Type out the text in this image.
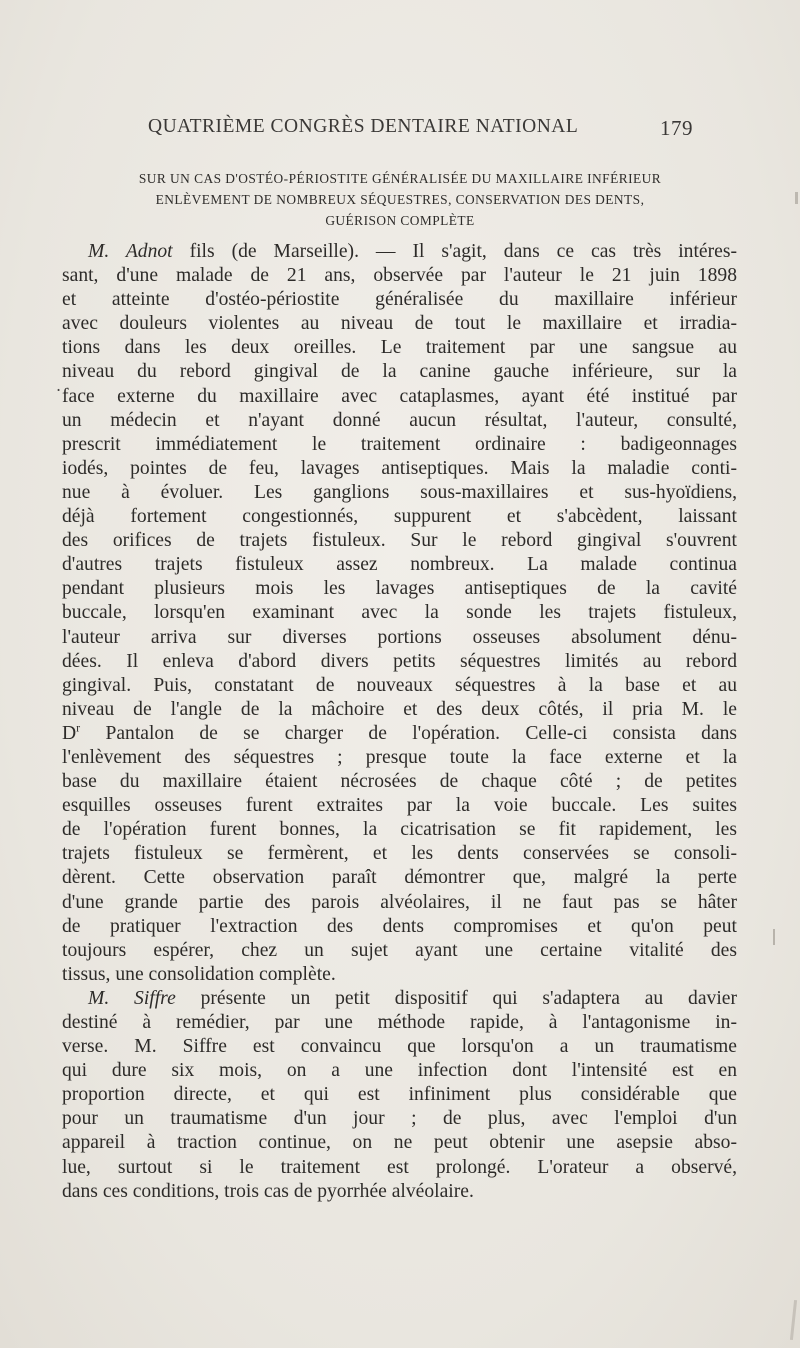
QUATRIÈME CONGRÈS DENTAIRE NATIONAL	179
SUR UN CAS D'OSTÉO-PÉRIOSTITE GÉNÉRALISÉE DU MAXILLAIRE INFÉRIEUR
ENLÈVEMENT DE NOMBREUX SÉQUESTRES, CONSERVATION DES DENTS,
GUÉRISON COMPLÈTE
.
M. Adnot fils (de Marseille). — Il s'agit, dans ce cas très intéres-
sant, d'une malade de 21 ans, observée par l'auteur le 21 juin 1898
et atteinte d'ostéo-périostite généralisée du maxillaire inférieur
avec douleurs violentes au niveau de tout le maxillaire et irradia-
tions dans les deux oreilles. Le traitement par une sangsue au
niveau du rebord gingival de la canine gauche inférieure, sur la
face externe du maxillaire avec cataplasmes, ayant été institué par
un médecin et n'ayant donné aucun résultat, l'auteur, consulté,
prescrit immédiatement le traitement ordinaire : badigeonnages
iodés, pointes de feu, lavages antiseptiques. Mais la maladie conti-
nue à évoluer. Les ganglions sous-maxillaires et sus-hyoïdiens,
déjà fortement congestionnés, suppurent et s'abcèdent, laissant
des orifices de trajets fistuleux. Sur le rebord gingival s'ouvrent
d'autres trajets fistuleux assez nombreux. La malade continua
pendant plusieurs mois les lavages antiseptiques de la cavité
buccale, lorsqu'en examinant avec la sonde les trajets fistuleux,
l'auteur arriva sur diverses portions osseuses absolument dénu-
dées. Il enleva d'abord divers petits séquestres limités au rebord
gingival. Puis, constatant de nouveaux séquestres à la base et au
niveau de l'angle de la mâchoire et des deux côtés, il pria M. le
$D^r$ Pantalon de se charger de l'opération. Celle-ci consista dans
l'enlèvement des séquestres ; presque toute la face externe et la
base du maxillaire étaient nécrosées de chaque côté ; de petites
esquilles osseuses furent extraites par la voie buccale. Les suites
de l'opération furent bonnes, la cicatrisation se fit rapidement, les
trajets fistuleux se fermèrent, et les dents conservées se consoli-
dèrent. Cette observation paraît démontrer que, malgré la perte
d'une grande partie des parois alvéolaires, il ne faut pas se hâter
de pratiquer l'extraction des dents compromises et qu'on peut
toujours espérer, chez un sujet ayant une certaine vitalité des
tissus, une consolidation complète.
M. Siffre présente un petit dispositif qui s'adaptera au davier
destiné à remédier, par une méthode rapide, à l'antagonisme in-
verse. M. Siffre est convaincu que lorsqu'on a un traumatisme
qui dure six mois, on a une infection dont l'intensité est en
proportion directe, et qui est infiniment plus considérable que
pour un traumatisme d'un jour ; de plus, avec l'emploi d'un
appareil à traction continue, on ne peut obtenir une asepsie abso-
lue, surtout si le traitement est prolongé. L'orateur a observé,
dans ces conditions, trois cas de pyorrhée alvéolaire.
